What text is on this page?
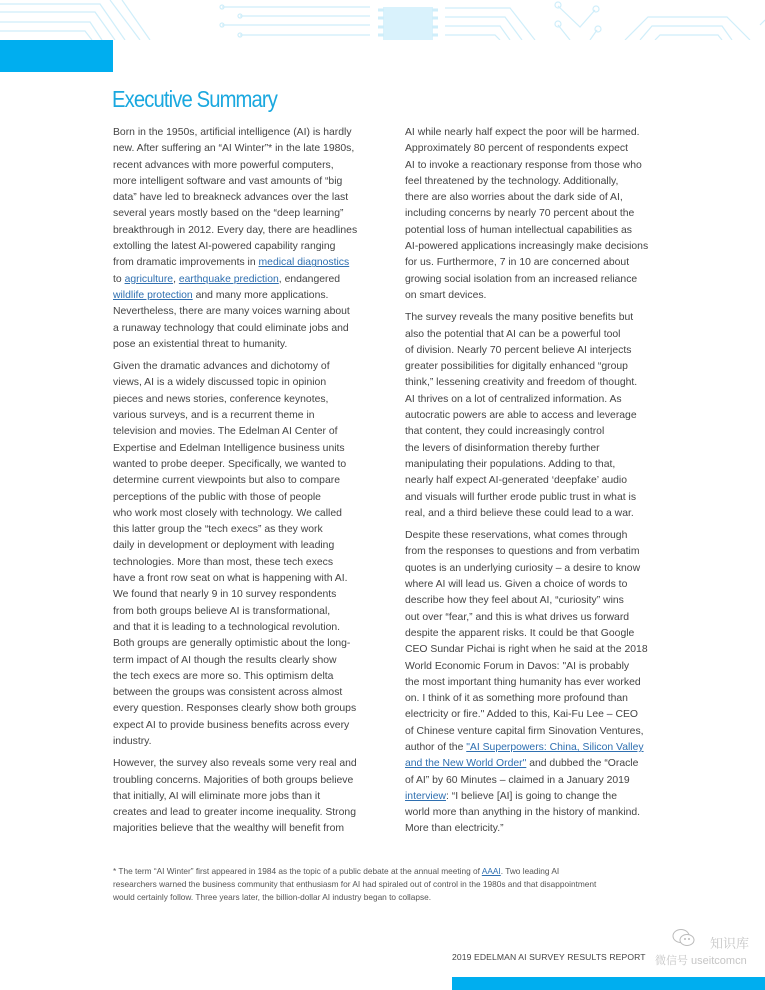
Executive Summary
Born in the 1950s, artificial intelligence (AI) is hardly
new. After suffering an “AI Winter”* in the late 1980s,
recent advances with more powerful computers,
more intelligent software and vast amounts of “big
data” have led to breakneck advances over the last
several years mostly based on the “deep learning”
breakthrough in 2012. Every day, there are headlines
extolling the latest AI-powered capability ranging
from dramatic improvements in medical diagnostics
to agriculture, earthquake prediction, endangered
wildlife protection and many more applications.
Nevertheless, there are many voices warning about
a runaway technology that could eliminate jobs and
pose an existential threat to humanity.
Given the dramatic advances and dichotomy of
views, AI is a widely discussed topic in opinion
pieces and news stories, conference keynotes,
various surveys, and is a recurrent theme in
television and movies. The Edelman AI Center of
Expertise and Edelman Intelligence business units
wanted to probe deeper. Specifically, we wanted to
determine current viewpoints but also to compare
perceptions of the public with those of people
who work most closely with technology. We called
this latter group the “tech execs” as they work
daily in development or deployment with leading
technologies. More than most, these tech execs
have a front row seat on what is happening with AI.
We found that nearly 9 in 10 survey respondents
from both groups believe AI is transformational,
and that it is leading to a technological revolution.
Both groups are generally optimistic about the long-
term impact of AI though the results clearly show
the tech execs are more so. This optimism delta
between the groups was consistent across almost
every question. Responses clearly show both groups
expect AI to provide business benefits across every
industry.
However, the survey also reveals some very real and
troubling concerns. Majorities of both groups believe
that initially, AI will eliminate more jobs than it
creates and lead to greater income inequality. Strong
majorities believe that the wealthy will benefit from
AI while nearly half expect the poor will be harmed.
Approximately 80 percent of respondents expect
AI to invoke a reactionary response from those who
feel threatened by the technology. Additionally,
there are also worries about the dark side of AI,
including concerns by nearly 70 percent about the
potential loss of human intellectual capabilities as
AI-powered applications increasingly make decisions
for us. Furthermore, 7 in 10 are concerned about
growing social isolation from an increased reliance
on smart devices.
The survey reveals the many positive benefits but
also the potential that AI can be a powerful tool
of division. Nearly 70 percent believe AI interjects
greater possibilities for digitally enhanced “group
think,” lessening creativity and freedom of thought.
AI thrives on a lot of centralized information. As
autocratic powers are able to access and leverage
that content, they could increasingly control
the levers of disinformation thereby further
manipulating their populations. Adding to that,
nearly half expect AI-generated ‘deepfake’ audio
and visuals will further erode public trust in what is
real, and a third believe these could lead to a war.
Despite these reservations, what comes through
from the responses to questions and from verbatim
quotes is an underlying curiosity – a desire to know
where AI will lead us. Given a choice of words to
describe how they feel about AI, “curiosity” wins
out over “fear,” and this is what drives us forward
despite the apparent risks. It could be that Google
CEO Sundar Pichai is right when he said at the 2018
World Economic Forum in Davos: "AI is probably
the most important thing humanity has ever worked
on. I think of it as something more profound than
electricity or fire." Added to this, Kai-Fu Lee – CEO
of Chinese venture capital firm Sinovation Ventures,
author of the "AI Superpowers: China, Silicon Valley
and the New World Order" and dubbed the “Oracle
of AI” by 60 Minutes – claimed in a January 2019
interview: “I believe [AI] is going to change the
world more than anything in the history of mankind.
More than electricity.”
* The term “AI Winter” first appeared in 1984 as the topic of a public debate at the annual meeting of AAAI. Two leading AI
researchers warned the business community that enthusiasm for AI had spiraled out of control in the 1980s and that disappointment
would certainly follow. Three years later, the billion-dollar AI industry began to collapse.
2019 EDELMAN AI SURVEY RESULTS REPORT
知识库
微信号 useitcomcn
